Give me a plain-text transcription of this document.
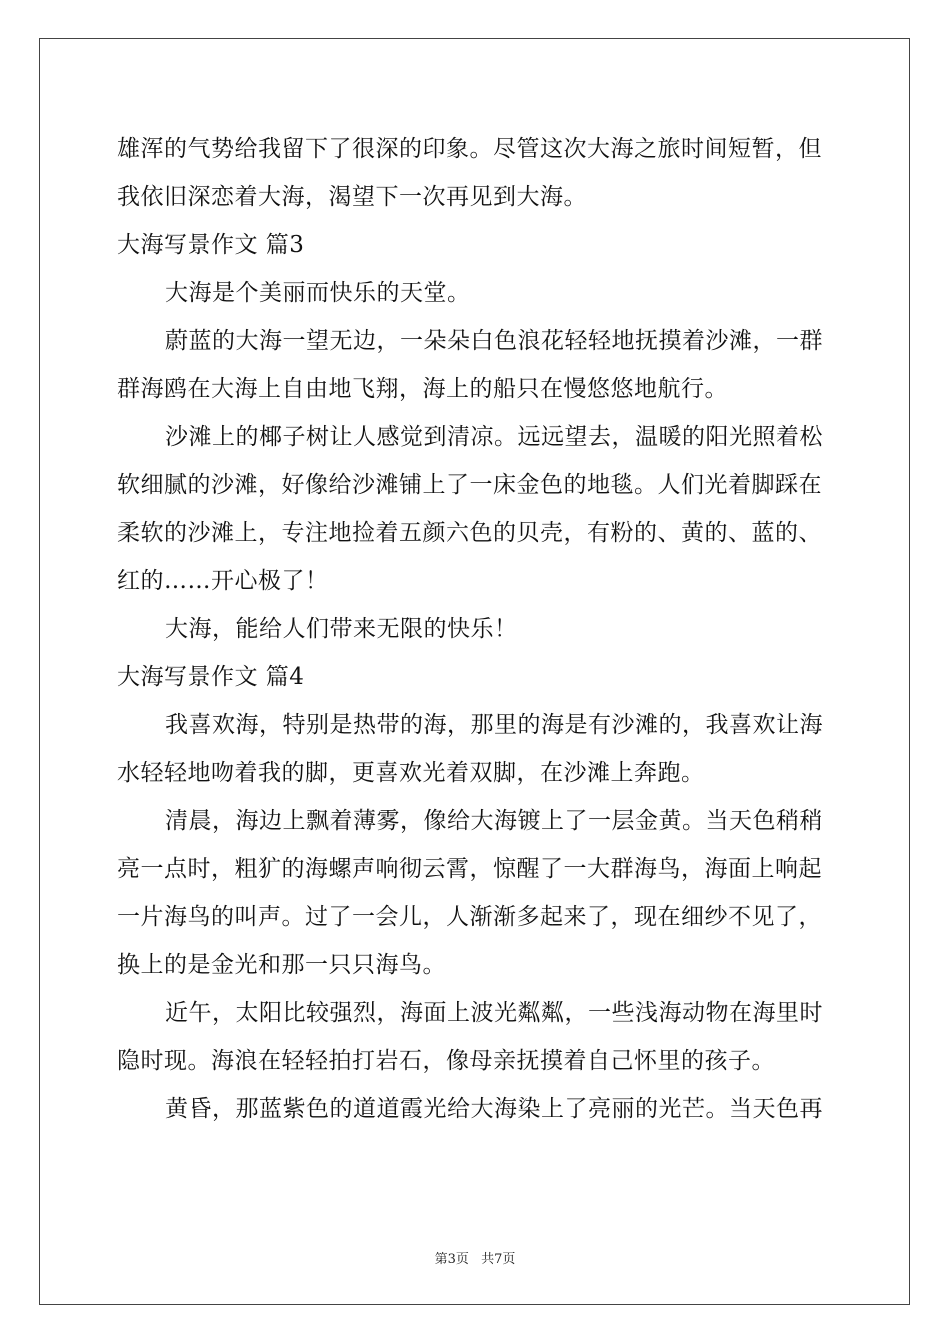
雄浑的气势给我留下了很深的印象。尽管这次大海之旅时间短暂，但我依旧深恋着大海，渴望下一次再见到大海。

大海写景作文 篇3

大海是个美丽而快乐的天堂。

蔚蓝的大海一望无边，一朵朵白色浪花轻轻地抚摸着沙滩，一群群海鸥在大海上自由地飞翔，海上的船只在慢悠悠地航行。

沙滩上的椰子树让人感觉到清凉。远远望去，温暖的阳光照着松软细腻的沙滩，好像给沙滩铺上了一床金色的地毯。人们光着脚踩在柔软的沙滩上，专注地捡着五颜六色的贝壳，有粉的、黄的、蓝的、红的……开心极了！

大海，能给人们带来无限的快乐！

大海写景作文 篇4

我喜欢海，特别是热带的海，那里的海是有沙滩的，我喜欢让海水轻轻地吻着我的脚，更喜欢光着双脚，在沙滩上奔跑。

清晨，海边上飘着薄雾，像给大海镀上了一层金黄。当天色稍稍亮一点时，粗犷的海螺声响彻云霄，惊醒了一大群海鸟，海面上响起一片海鸟的叫声。过了一会儿，人渐渐多起来了，现在细纱不见了，换上的是金光和那一只只海鸟。

近午，太阳比较强烈，海面上波光粼粼，一些浅海动物在海里时隐时现。海浪在轻轻拍打岩石，像母亲抚摸着自己怀里的孩子。

黄昏，那蓝紫色的道道霞光给大海染上了亮丽的光芒。当天色再

第3页 共7页
